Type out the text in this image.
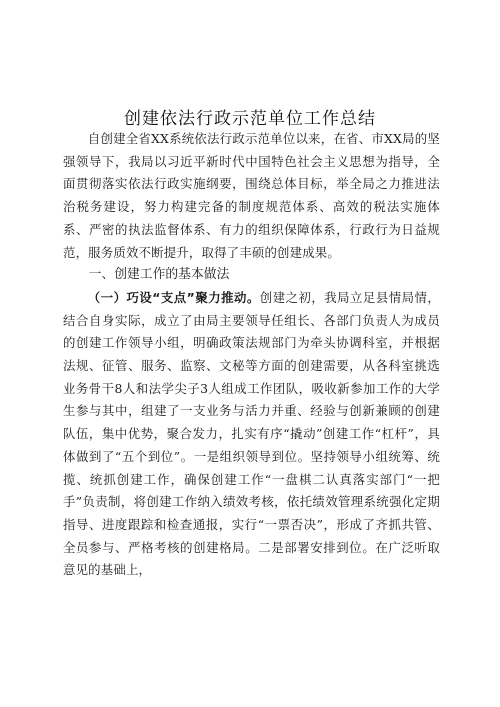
创建依法行政示范单位工作总结

自创建全省XX系统依法行政示范单位以来，在省、市XX局的坚强领导下，我局以习近平新时代中国特色社会主义思想为指导，全面贯彻落实依法行政实施纲要，围绕总体目标，举全局之力推进法治税务建设，努力构建完备的制度规范体系、高效的税法实施体系、严密的执法监督体系、有力的组织保障体系，行政行为日益规范，服务质效不断提升，取得了丰硕的创建成果。

一、创建工作的基本做法

（一）巧设“支点”聚力推动。创建之初，我局立足县情局情，结合自身实际，成立了由局主要领导任组长、各部门负责人为成员的创建工作领导小组，明确政策法规部门为牵头协调科室，并根据法规、征管、服务、监察、文秘等方面的创建需要，从各科室挑选业务骨干8人和法学尖子3人组成工作团队，吸收新参加工作的大学生参与其中，组建了一支业务与活力并重、经验与创新兼顾的创建队伍，集中优势，聚合发力，扎实有序“撬动”创建工作“杠杆”，具体做到了“五个到位”。一是组织领导到位。坚持领导小组统筹、统揽、统抓创建工作，确保创建工作“一盘棋二认真落实部门“一把手”负责制，将创建工作纳入绩效考核，依托绩效管理系统强化定期指导、进度跟踪和检查通报，实行“一票否决”，形成了齐抓共管、全员参与、严格考核的创建格局。二是部署安排到位。在广泛听取意见的基础上，
